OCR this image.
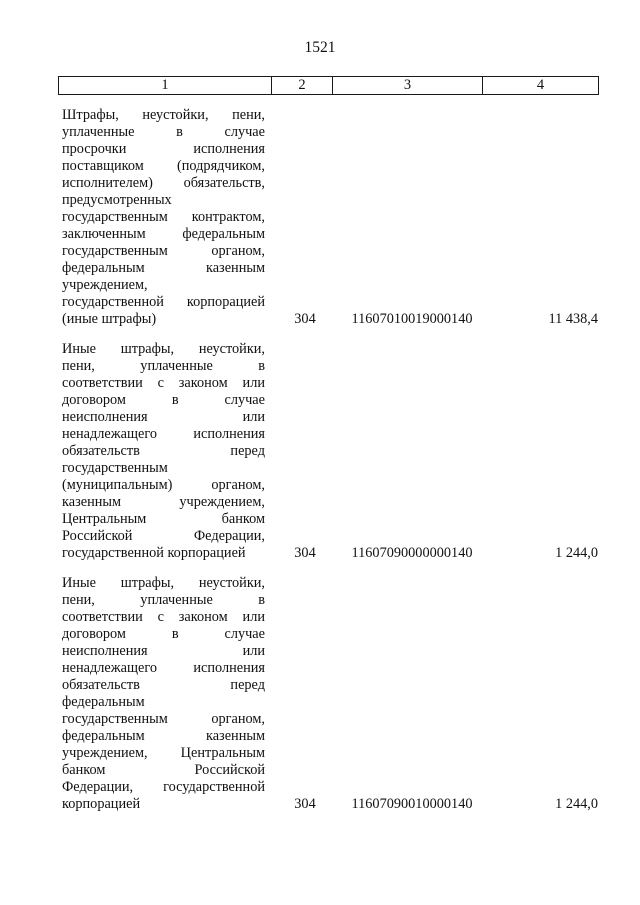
1521
1	2	3	4
Штрафы, неустойки, пени,
уплаченные в случае
просрочки исполнения
поставщиком (подрядчиком,
исполнителем) обязательств,
предусмотренных
государственным контрактом,
заключенным федеральным
государственным органом,
федеральным казенным
учреждением,
государственной корпорацией
(иные штрафы)	304	11607010019000140	11 438,4
Иные штрафы, неустойки,
пени, уплаченные в
соответствии с законом или
договором в случае
неисполнения или
ненадлежащего исполнения
обязательств перед
государственным
(муниципальным) органом,
казенным учреждением,
Центральным банком
Российской Федерации,
государственной корпорацией	304	11607090000000140	1 244,0
Иные штрафы, неустойки,
пени, уплаченные в
соответствии с законом или
договором в случае
неисполнения или
ненадлежащего исполнения
обязательств перед
федеральным
государственным органом,
федеральным казенным
учреждением, Центральным
банком Российской
Федерации, государственной
корпорацией	304	11607090010000140	1 244,0
